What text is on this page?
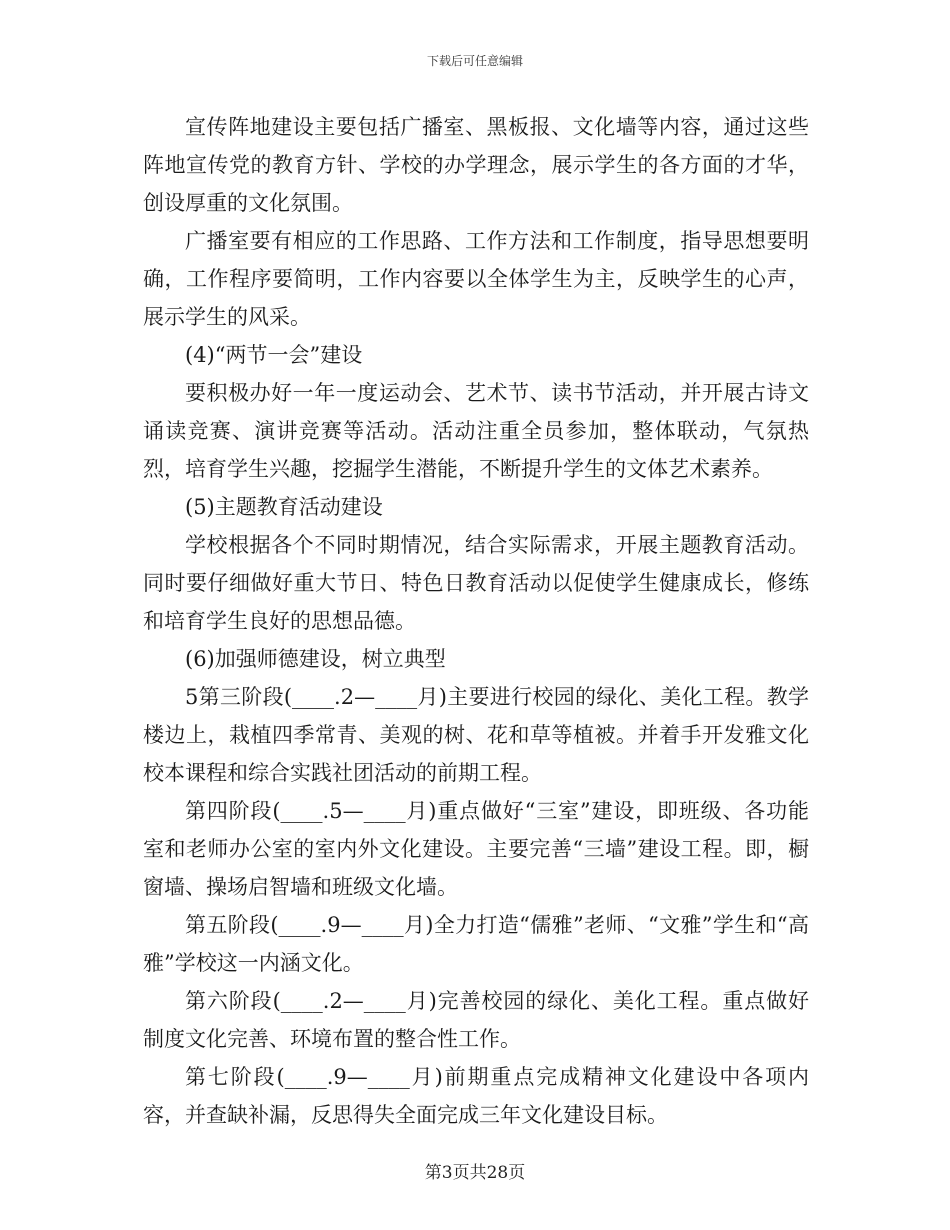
下载后可任意编辑

宣传阵地建设主要包括广播室、黑板报、文化墙等内容，通过这些阵地宣传党的教育方针、学校的办学理念，展示学生的各方面的才华，创设厚重的文化氛围。

广播室要有相应的工作思路、工作方法和工作制度，指导思想要明确，工作程序要简明，工作内容要以全体学生为主，反映学生的心声，展示学生的风采。

(4)“两节一会”建设

要积极办好一年一度运动会、艺术节、读书节活动，并开展古诗文诵读竞赛、演讲竞赛等活动。活动注重全员参加，整体联动，气氛热烈，培育学生兴趣，挖掘学生潜能，不断提升学生的文体艺术素养。

(5)主题教育活动建设

学校根据各个不同时期情况，结合实际需求，开展主题教育活动。同时要仔细做好重大节日、特色日教育活动以促使学生健康成长，修练和培育学生良好的思想品德。

(6)加强师德建设，树立典型

5第三阶段(____.2—____月)主要进行校园的绿化、美化工程。教学楼边上，栽植四季常青、美观的树、花和草等植被。并着手开发雅文化校本课程和综合实践社团活动的前期工程。

第四阶段(____.5—____月)重点做好“三室”建设，即班级、各功能室和老师办公室的室内外文化建设。主要完善“三墙”建设工程。即，橱窗墙、操场启智墙和班级文化墙。

第五阶段(____.9—____月)全力打造“儒雅”老师、“文雅”学生和“高雅”学校这一内涵文化。

第六阶段(____.2—____月)完善校园的绿化、美化工程。重点做好制度文化完善、环境布置的整合性工作。

第七阶段(____.9—____月)前期重点完成精神文化建设中各项内容，并查缺补漏，反思得失全面完成三年文化建设目标。

第3页共28页
